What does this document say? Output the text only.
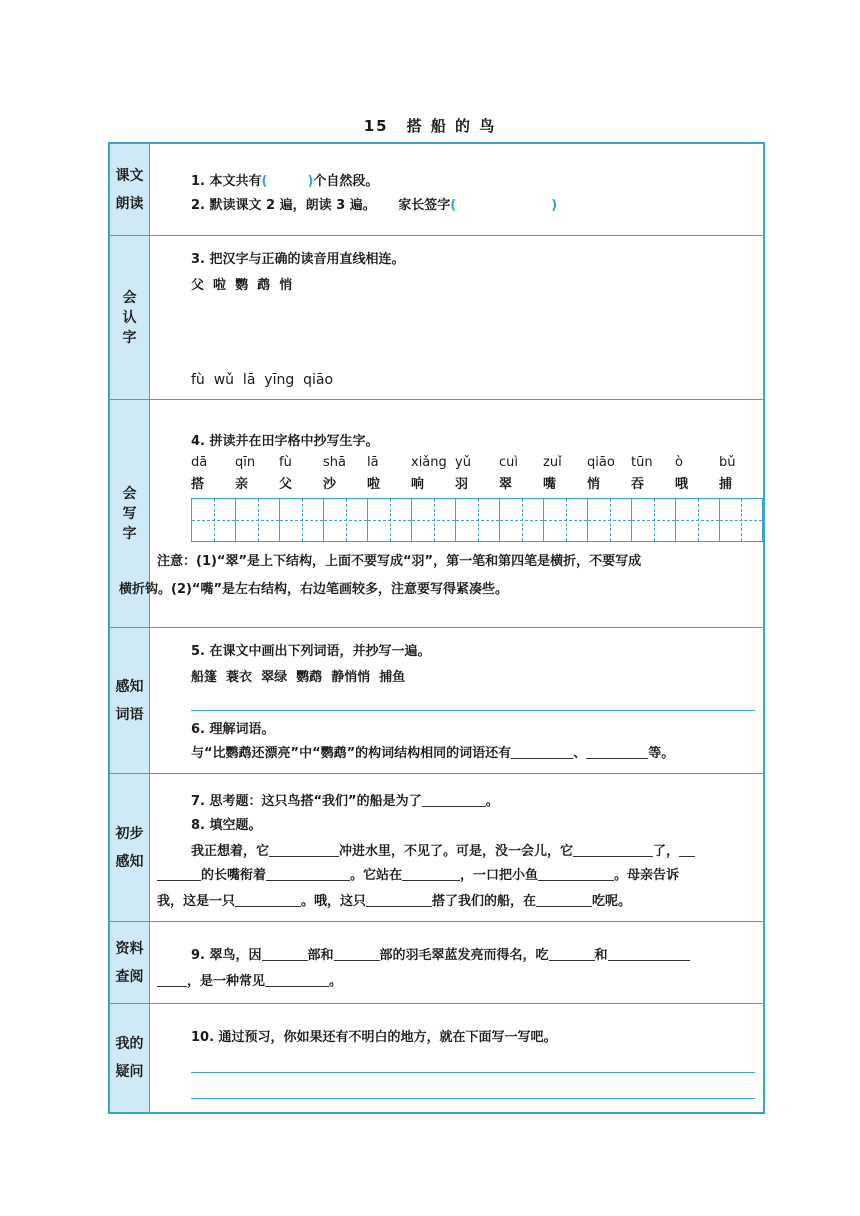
15 搭 船 的 鸟
课文朗读
1. 本文共有(	)个自然段。
2. 默读课文 2 遍，朗读 3 遍。 家长签字(	)
会认字
3. 把汉字与正确的读音用直线相连。
父  啦  鹦  鹉  悄
fù  wǔ  lā  yīng  qiāo
会写字
4. 拼读并在田字格中抄写生字。
dā	qīn	fù	shā	lā	xiǎng yǔ	cuì	zuǐ	qiāo	tūn	ò	bǔ
搭	亲	父	沙	啦	响	羽	翠	嘴	悄	吞	哦	捕
注意：(1)“翠”是上下结构，上面不要写成“羽”，第一笔和第四笔是横折，不要写成
横折钩。(2)“嘴”是左右结构，右边笔画较多，注意要写得紧凑些。
感知词语
5. 在课文中画出下列词语，并抄写一遍。
船篷  蓑衣  翠绿  鹦鹉  静悄悄  捕鱼
6. 理解词语。
与“比鹦鹉还漂亮”中“鹦鹉”的构词结构相同的词语还有	、	等。
初步感知
7. 思考题：这只鸟搭“我们”的船是为了	。
8. 填空题。
我正想着，它	冲进水里，不见了。可是，没一会儿，它	了，
的长嘴衔着	。它站在	，一口把小鱼	。母亲告诉
我，这是一只	。哦，这只	搭了我们的船，在	吃呢。
资料查阅
9. 翠鸟，因	部和	部的羽毛翠蓝发亮而得名，吃	和
，是一种常见	。
我的疑问
10. 通过预习，你如果还有不明白的地方，就在下面写一写吧。
